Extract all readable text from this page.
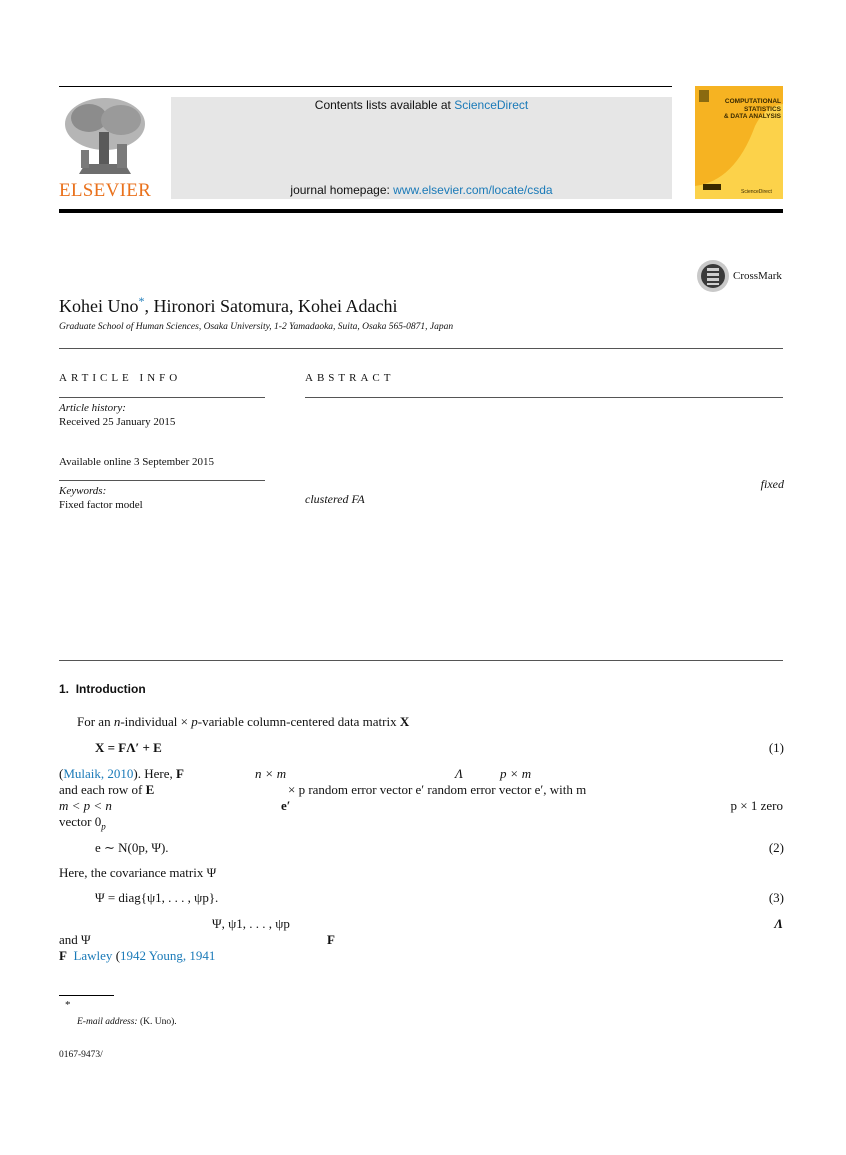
ELSEVIER
Contents lists available at ScienceDirect
journal homepage: www.elsevier.com/locate/csda
COMPUTATIONAL
STATISTICS
& DATA ANALYSIS
ScienceDirect
CrossMark
Kohei Uno*, Hironori Satomura, Kohei Adachi
Graduate School of Human Sciences, Osaka University, 1-2 Yamadaoka, Suita, Osaka 565-0871, Japan
ARTICLE INFO
Article history:
Received 25 January 2015
Available online 3 September 2015
Keywords:
Fixed factor model
ABSTRACT
fixed
clustered FA
1. Introduction
For an n-individual × p-variable column-centered data matrix X
X = FΛ′ + E	(1)
(Mulaik, 2010). Here, F	n × m	Λ	p × m
and each row of E	× p random error vector e′ random error vector e′, with m
m < p < n	e′	p × 1 zero
vector $0_p$
e ∼ N(0p, Ψ).	(2)
Here, the covariance matrix Ψ
Ψ = diag{ψ1, . . . , ψp}.	(3)
Ψ, ψ1, . . . , ψp	Λ
and Ψ	F
F Lawley (1942 Young, 1941
*
E-mail address: (K. Uno).
0167-9473/
